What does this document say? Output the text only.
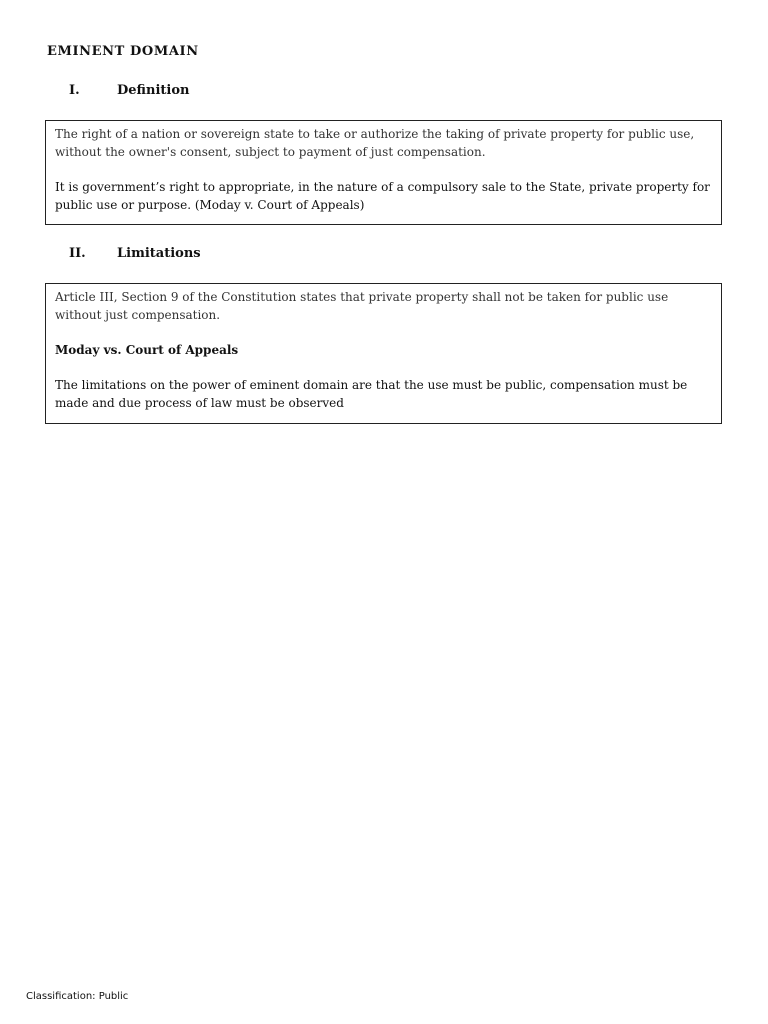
EMINENT DOMAIN
I.	Definition

The right of a nation or sovereign state to take or authorize the taking of private property for public use, without the owner's consent, subject to payment of just compensation.

It is government’s right to appropriate, in the nature of a compulsory sale to the State, private property for public use or purpose. (Moday v. Court of Appeals)

II. Limitations

Article III, Section 9 of the Constitution states that private property shall not be taken for public use without just compensation.

Moday vs. Court of Appeals

The limitations on the power of eminent domain are that the use must be public, compensation must be made and due process of law must be observed

Classification: Public
